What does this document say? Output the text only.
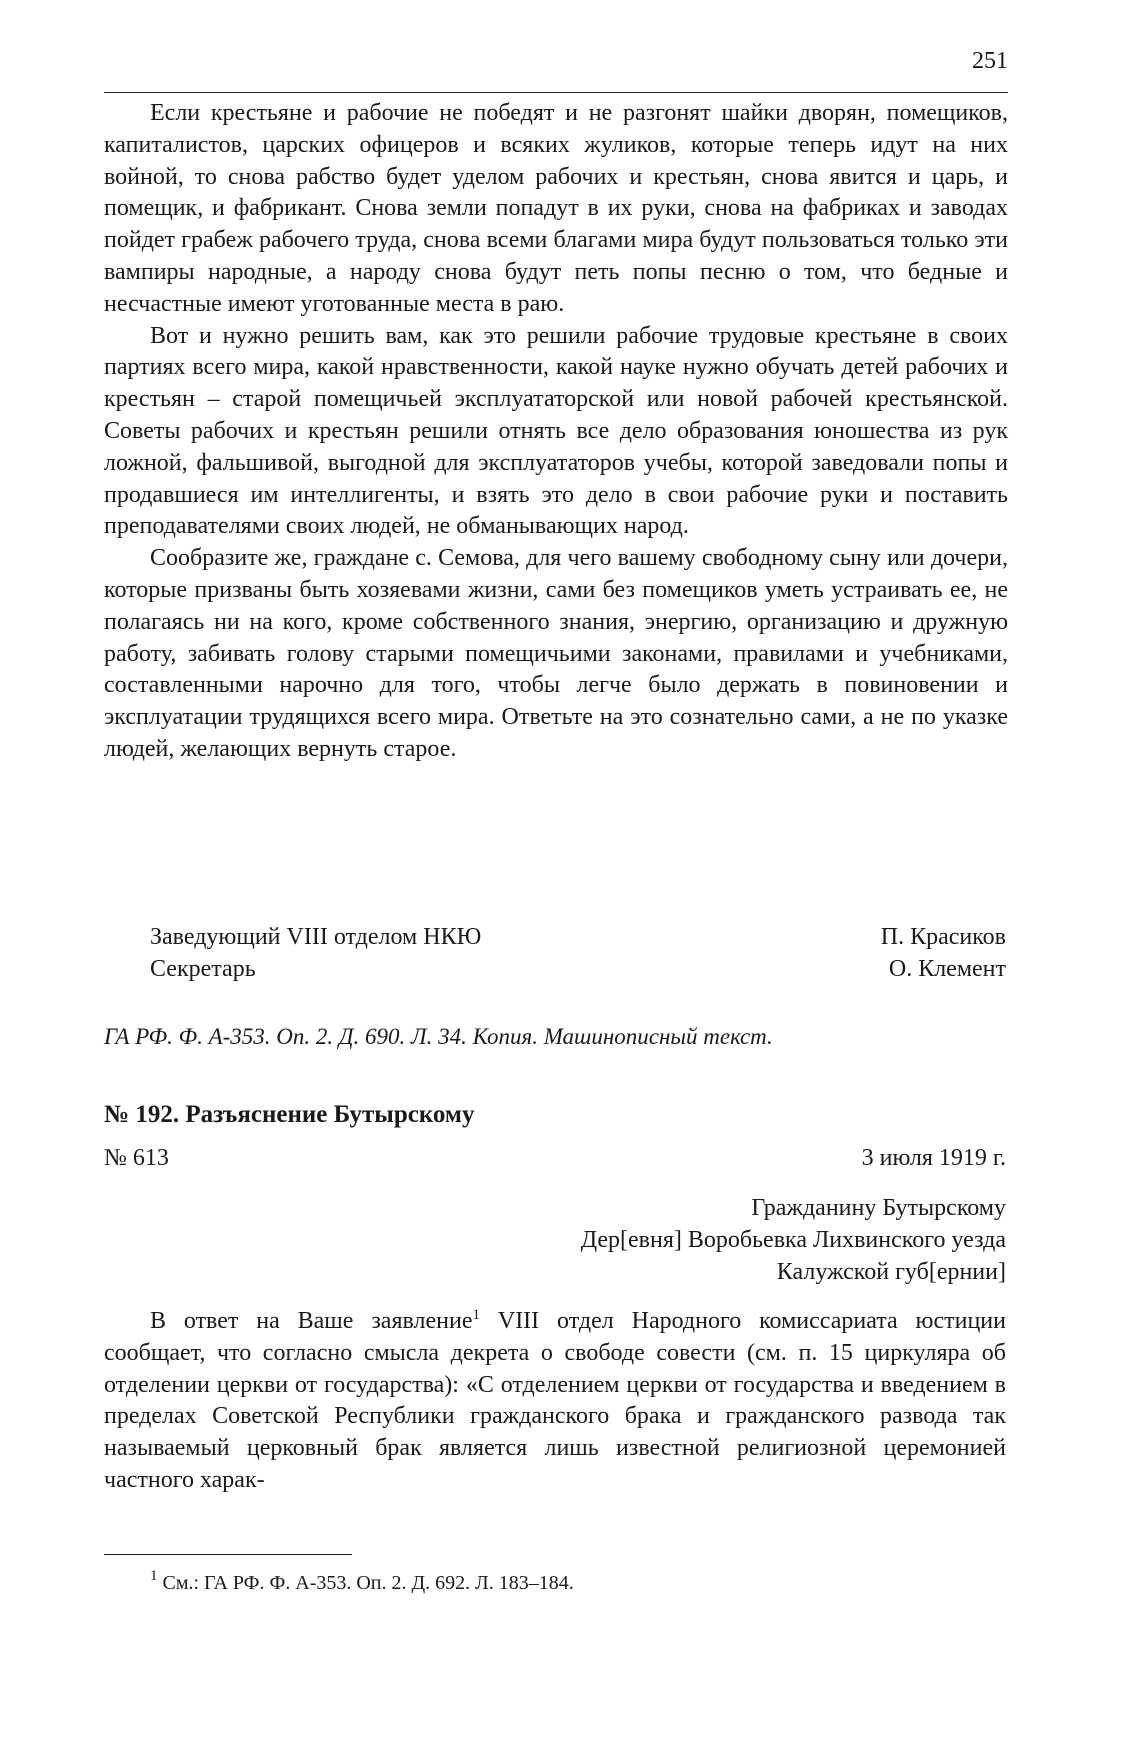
251

Если крестьяне и рабочие не победят и не разгонят шайки дворян, помещиков, капиталистов, царских офицеров и всяких жуликов, которые теперь идут на них войной, то снова рабство будет уделом рабочих и крестьян, снова явится и царь, и помещик, и фабрикант. Снова земли попадут в их руки, снова на фабриках и заводах пойдет грабеж рабочего труда, снова всеми благами мира будут пользоваться только эти вампиры народные, а народу снова будут петь попы песню о том, что бедные и несчастные имеют уготованные места в раю.

Вот и нужно решить вам, как это решили рабочие трудовые крестьяне в своих партиях всего мира, какой нравственности, какой науке нужно обучать детей рабочих и крестьян – старой помещичьей эксплуататорской или новой рабочей крестьянской. Советы рабочих и крестьян решили отнять все дело образования юношества из рук ложной, фальшивой, выгодной для эксплуататоров учебы, которой заведовали попы и продавшиеся им интеллигенты, и взять это дело в свои рабочие руки и поставить преподавателями своих людей, не обманывающих народ.

Сообразите же, граждане с. Семова, для чего вашему свободному сыну или дочери, которые призваны быть хозяевами жизни, сами без помещиков уметь устраивать ее, не полагаясь ни на кого, кроме собственного знания, энергию, организацию и дружную работу, забивать голову старыми помещичьими законами, правилами и учебниками, составленными нарочно для того, чтобы легче было держать в повиновении и эксплуатации трудящихся всего мира. Ответьте на это сознательно сами, а не по указке людей, желающих вернуть старое.

Заведующий VIII отделом НКЮ	П. Красиков
Секретарь	О. Клемент
ГА РФ. Ф. А-353. Оп. 2. Д. 690. Л. 34. Копия. Машинописный текст.
№ 192. Разъяснение Бутырскому
№ 613	3 июля 1919 г.
Гражданину Бутырскому
Дер[евня] Воробьевка Лихвинского уезда
Калужской губ[ернии]

В ответ на Ваше заявление$^1$ VIII отдел Народного комиссариата юстиции сообщает, что согласно смысла декрета о свободе совести (см. п. 15 циркуляра об отделении церкви от государства): «С отделением церкви от государства и введением в пределах Советской Республики гражданского брака и гражданского развода так называемый церковный брак является лишь известной религиозной церемонией частного харак-

$^1$ См.: ГА РФ. Ф. А-353. Оп. 2. Д. 692. Л. 183–184.
